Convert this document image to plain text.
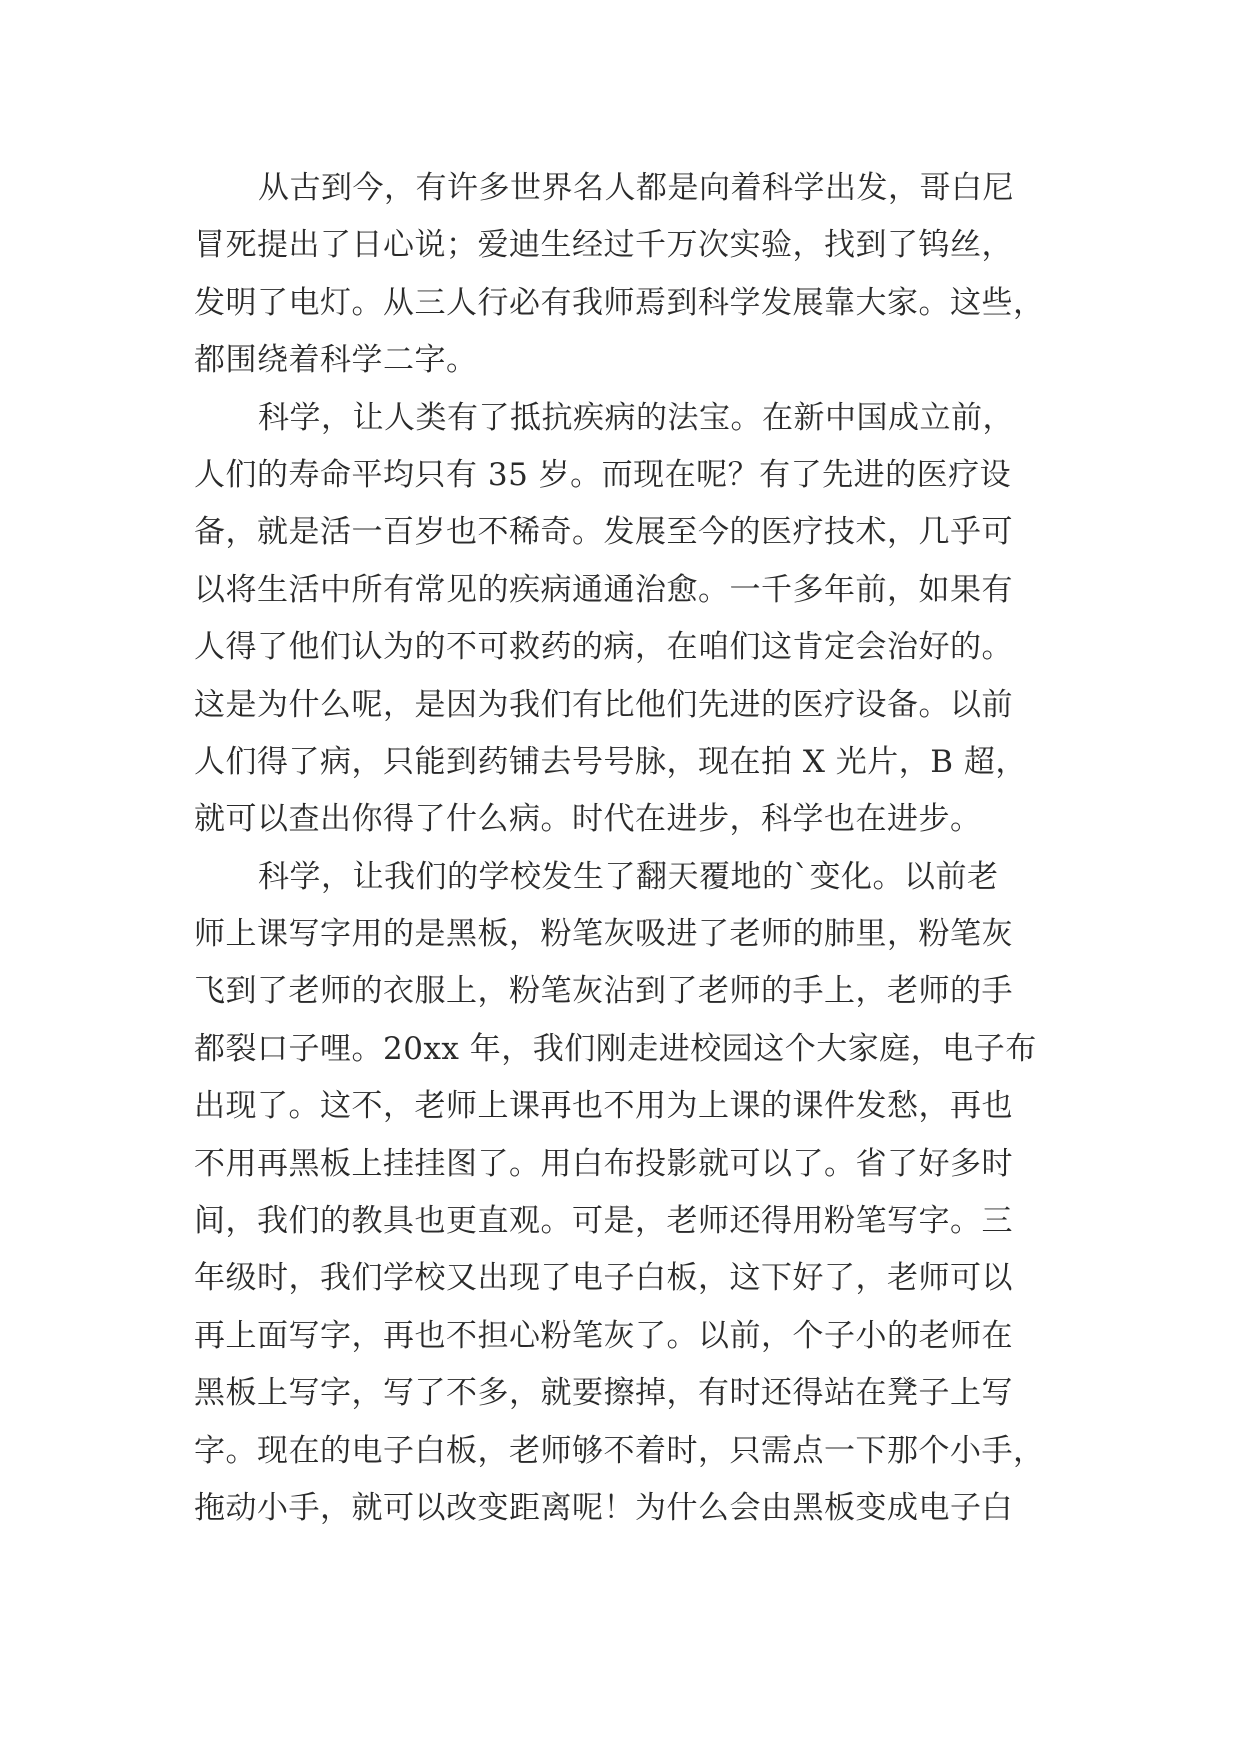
从古到今，有许多世界名人都是向着科学出发，哥白尼
冒死提出了日心说；爱迪生经过千万次实验，找到了钨丝，
发明了电灯。从三人行必有我师焉到科学发展靠大家。这些，
都围绕着科学二字。
科学，让人类有了抵抗疾病的法宝。在新中国成立前，
人们的寿命平均只有 35 岁。而现在呢？有了先进的医疗设
备，就是活一百岁也不稀奇。发展至今的医疗技术，几乎可
以将生活中所有常见的疾病通通治愈。一千多年前，如果有
人得了他们认为的不可救药的病，在咱们这肯定会治好的。
这是为什么呢，是因为我们有比他们先进的医疗设备。以前
人们得了病，只能到药铺去号号脉，现在拍 X 光片，B 超，
就可以查出你得了什么病。时代在进步，科学也在进步。
科学，让我们的学校发生了翻天覆地的`变化。以前老
师上课写字用的是黑板，粉笔灰吸进了老师的肺里，粉笔灰
飞到了老师的衣服上，粉笔灰沾到了老师的手上，老师的手
都裂口子哩。20xx 年，我们刚走进校园这个大家庭，电子布
出现了。这不，老师上课再也不用为上课的课件发愁，再也
不用再黑板上挂挂图了。用白布投影就可以了。省了好多时
间，我们的教具也更直观。可是，老师还得用粉笔写字。三
年级时，我们学校又出现了电子白板，这下好了，老师可以
再上面写字，再也不担心粉笔灰了。以前，个子小的老师在
黑板上写字，写了不多，就要擦掉，有时还得站在凳子上写
字。现在的电子白板，老师够不着时，只需点一下那个小手，
拖动小手，就可以改变距离呢！为什么会由黑板变成电子白
